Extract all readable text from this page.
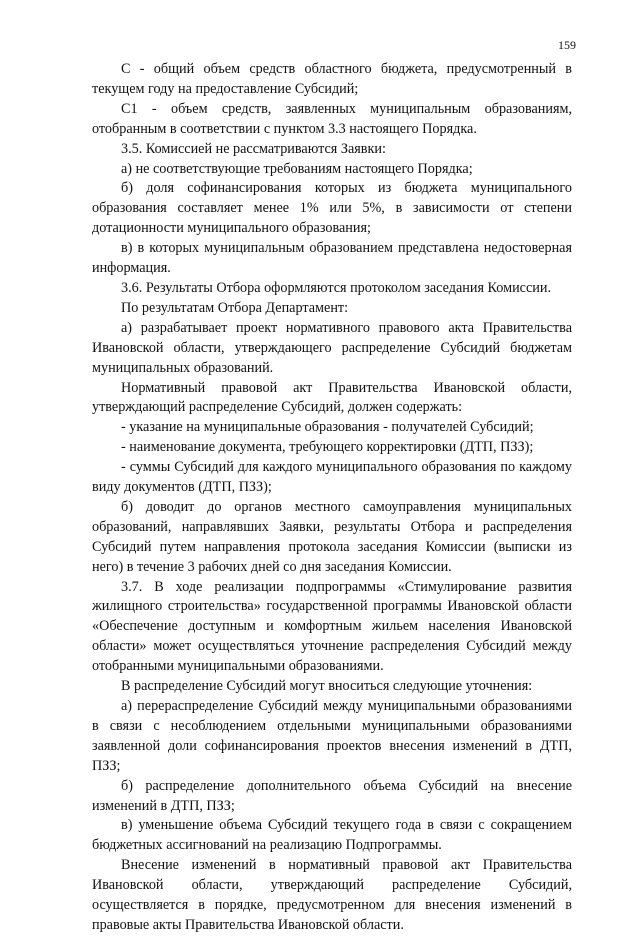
159

С - общий объем средств областного бюджета, предусмотренный в текущем году на предоставление Субсидий;

С1 - объем средств, заявленных муниципальным образованиям, отобранным в соответствии с пунктом 3.3 настоящего Порядка.

3.5. Комиссией не рассматриваются Заявки:

а) не соответствующие требованиям настоящего Порядка;

б) доля софинансирования которых из бюджета муниципального образования составляет менее 1% или 5%, в зависимости от степени дотационности муниципального образования;

в) в которых муниципальным образованием представлена недостоверная информация.

3.6. Результаты Отбора оформляются протоколом заседания Комиссии.

По результатам Отбора Департамент:

а) разрабатывает проект нормативного правового акта Правительства Ивановской области, утверждающего распределение Субсидий бюджетам муниципальных образований.

Нормативный правовой акт Правительства Ивановской области, утверждающий распределение Субсидий, должен содержать:

- указание на муниципальные образования - получателей Субсидий;

- наименование документа, требующего корректировки (ДТП, ПЗЗ);

- суммы Субсидий для каждого муниципального образования по каждому виду документов (ДТП, ПЗЗ);

б) доводит до органов местного самоуправления муниципальных образований, направлявших Заявки, результаты Отбора и распределения Субсидий путем направления протокола заседания Комиссии (выписки из него) в течение 3 рабочих дней со дня заседания Комиссии.

3.7. В ходе реализации подпрограммы «Стимулирование развития жилищного строительства» государственной программы Ивановской области «Обеспечение доступным и комфортным жильем населения Ивановской области» может осуществляться уточнение распределения Субсидий между отобранными муниципальными образованиями.

В распределение Субсидий могут вноситься следующие уточнения:

а) перераспределение Субсидий между муниципальными образованиями в связи с несоблюдением отдельными муниципальными образованиями заявленной доли софинансирования проектов внесения изменений в ДТП, ПЗЗ;

б) распределение дополнительного объема Субсидий на внесение изменений в ДТП, ПЗЗ;

в) уменьшение объема Субсидий текущего года в связи с сокращением бюджетных ассигнований на реализацию Подпрограммы.

Внесение изменений в нормативный правовой акт Правительства Ивановской области, утверждающий распределение Субсидий, осуществляется в порядке, предусмотренном для внесения изменений в правовые акты Правительства Ивановской области.
